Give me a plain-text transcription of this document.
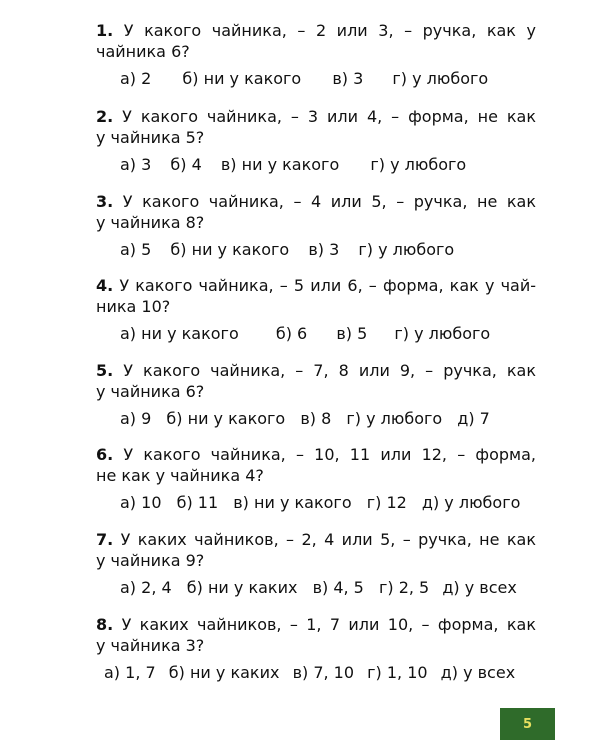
1. У какого чайника, – 2 или 3, – ручка, как у
чайника 6?
а) 2 б) ни у какого в) 3 г) у любого
2. У какого чайника, – 3 или 4, – форма, не как
у чайника 5?
а) 3 б) 4 в) ни у какого г) у любого
3. У какого чайника, – 4 или 5, – ручка, не как
у чайника 8?
а) 5 б) ни у какого в) 3 г) у любого
4. У какого чайника, – 5 или 6, – форма, как у чай-
ника 10?
а) ни у какого б) 6 в) 5 г) у любого
5. У какого чайника, – 7, 8 или 9, – ручка, как
у чайника 6?
а) 9 б) ни у какого в) 8 г) у любого д) 7
6. У какого чайника, – 10, 11 или 12, – форма,
не как у чайника 4?
а) 10 б) 11 в) ни у какого г) 12 д) у любого
7. У каких чайников, – 2, 4 или 5, – ручка, не как
у чайника 9?
а) 2, 4 б) ни у каких в) 4, 5 г) 2, 5 д) у всех
8. У каких чайников, – 1, 7 или 10, – форма, как
у чайника 3?
а) 1, 7 б) ни у каких в) 7, 10 г) 1, 10 д) у всех
5
